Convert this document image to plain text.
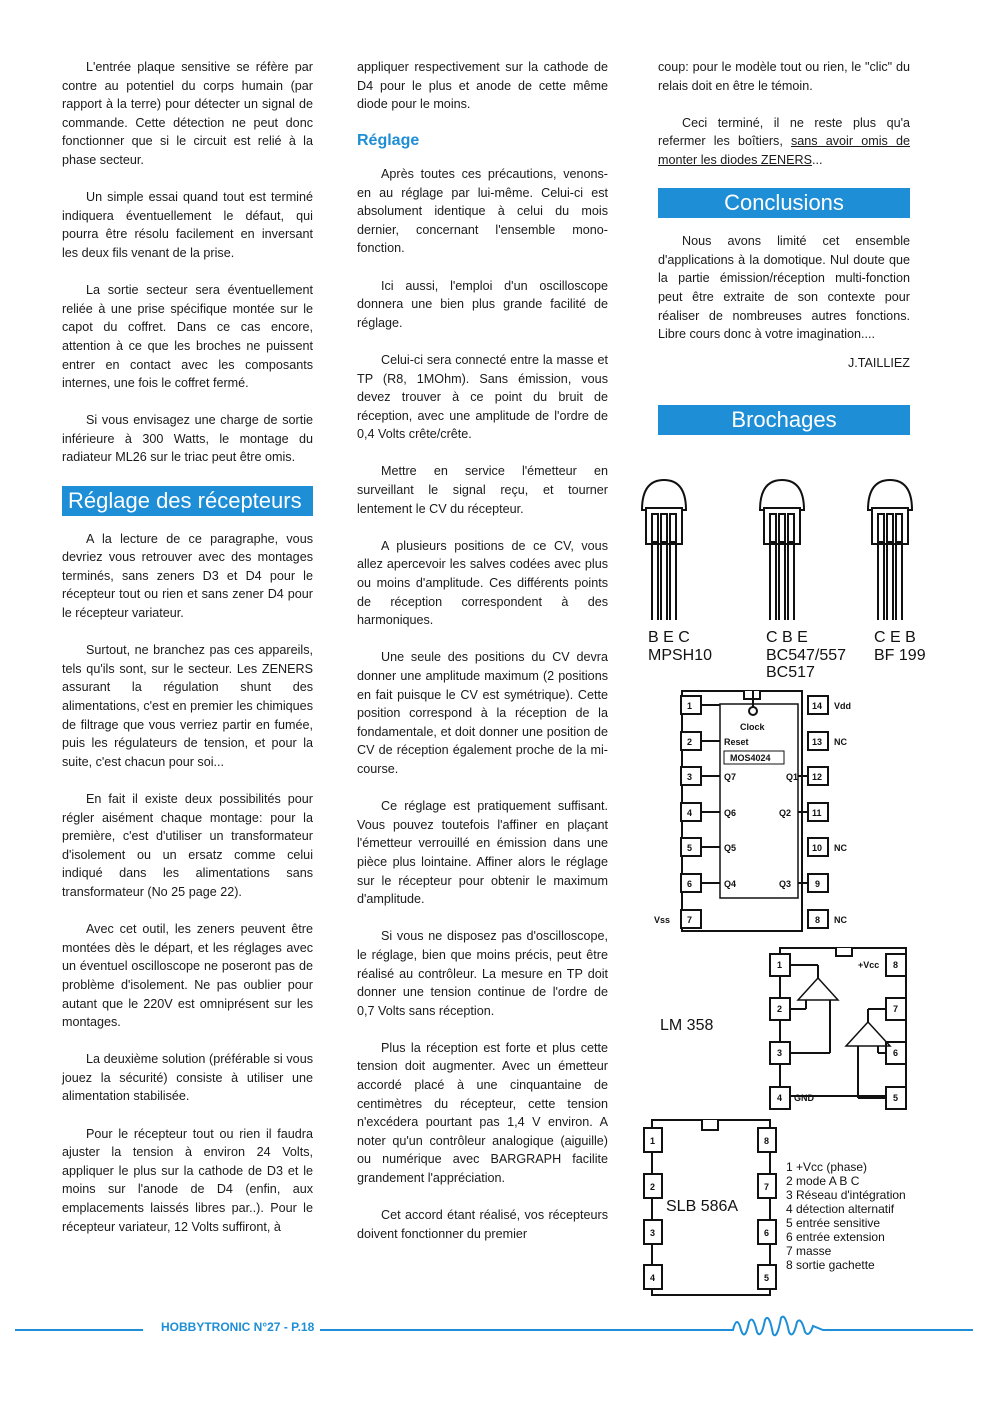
L'entrée plaque sensitive se réfère par contre au potentiel du corps humain (par rapport à la terre) pour détecter un signal de commande. Cette détection ne peut donc fonctionner que si le circuit est relié à la phase secteur.

Un simple essai quand tout est terminé indiquera éventuellement le défaut, qui pourra être résolu facilement en inversant les deux fils venant de la prise.

La sortie secteur sera éventuellement reliée à une prise spécifique montée sur le capot du coffret. Dans ce cas encore, attention à ce que les broches ne puissent entrer en contact avec les composants internes, une fois le coffret fermé.

Si vous envisagez une charge de sortie inférieure à 300 Watts, le montage du radiateur ML26 sur le triac peut être omis.

Réglage des récepteurs

A la lecture de ce paragraphe, vous devriez vous retrouver avec des montages terminés, sans zeners D3 et D4 pour le récepteur tout ou rien et sans zener D4 pour le récepteur variateur.

Surtout, ne branchez pas ces appareils, tels qu'ils sont, sur le secteur. Les ZENERS assurant la régulation shunt des alimentations, c'est en premier les chimiques de filtrage que vous verriez partir en fumée, puis les régulateurs de tension, et pour la suite, c'est chacun pour soi...

En fait il existe deux possibilités pour régler aisément chaque montage: pour la première, c'est d'utiliser un transformateur d'isolement ou un ersatz comme celui indiqué dans les alimentations sans transformateur (No 25 page 22).

Avec cet outil, les zeners peuvent être montées dès le départ, et les réglages avec un éventuel oscilloscope ne poseront pas de problème d'isolement. Ne pas oublier pour autant que le 220V est omniprésent sur les montages.

La deuxième solution (préférable si vous jouez la sécurité) consiste à utiliser une alimentation stabilisée.

Pour le récepteur tout ou rien il faudra ajuster la tension à environ 24 Volts, appliquer le plus sur la cathode de D3 et le moins sur l'anode de D4 (enfin, aux emplacements laissés libres par..). Pour le récepteur variateur, 12 Volts suffiront, à

appliquer respectivement sur la cathode de D4 pour le plus et anode de cette même diode pour le moins.

Réglage

Après toutes ces précautions, venons-en au réglage par lui-même. Celui-ci est absolument identique à celui du mois dernier, concernant l'ensemble mono-fonction.

Ici aussi, l'emploi d'un oscilloscope donnera une bien plus grande facilité de réglage.

Celui-ci sera connecté entre la masse et TP (R8, 1MOhm). Sans émission, vous devez trouver à ce point du bruit de réception, avec une amplitude de l'ordre de 0,4 Volts crête/crête.

Mettre en service l'émetteur en surveillant le signal reçu, et tourner lentement le CV du récepteur.

A plusieurs positions de ce CV, vous allez apercevoir les salves codées avec plus ou moins d'amplitude. Ces différents points de réception correspondent à des harmoniques.

Une seule des positions du CV devra donner une amplitude maximum (2 positions en fait puisque le CV est symétrique). Cette position correspond à la réception de la fondamentale, et doit donner une position de CV de réception également proche de la mi-course.

Ce réglage est pratiquement suffisant. Vous pouvez toutefois l'affiner en plaçant l'émetteur verrouillé en émission dans une pièce plus lointaine. Affiner alors le réglage sur le récepteur pour obtenir le maximum d'amplitude.

Si vous ne disposez pas d'oscilloscope, le réglage, bien que moins précis, peut être réalisé au contrôleur. La mesure en TP doit donner une tension continue de l'ordre de 0,7 Volts sans réception.

Plus la réception est forte et plus cette tension doit augmenter. Avec un émetteur accordé placé à une cinquantaine de centimètres du récepteur, cette tension n'excédera pourtant pas 1,4 V environ. A noter qu'un contrôleur analogique (aiguille) ou numérique avec BARGRAPH facilite grandement l'appréciation.

Cet accord étant réalisé, vos récepteurs doivent fonctionner du premier

coup: pour le modèle tout ou rien, le "clic" du relais doit en être le témoin.

Ceci terminé, il ne reste plus qu'a refermer les boîtiers, sans avoir omis de monter les diodes ZENERS...

Conclusions

Nous avons limité cet ensemble d'applications à la domotique. Nul doute que la partie émission/réception multi-fonction peut être extraite de son contexte pour réaliser de nombreuses autres fonctions. Libre cours donc à votre imagination....

J.TAILLIEZ
Brochages
B E C
MPSH10
C B E
BC547/557
BC517
C E B
BF 199
1
2
3
4
5
6
7	8
9
10
11
12
13
14
Clock
Reset
MOS4024
Q7
Q6
Q5
Q4
Q1
Q2
Q3
Vdd
NC
NC
NC
Vss
1
2
3
4	5
6
7
8
+Vcc
GND
LM 358
1
2
3
4	5
6
7
8
SLB 586A
1 +Vcc (phase)
2 mode A B C
3 Réseau d'intégration
4 détection alternatif
5 entrée sensitive
6 entrée extension
7 masse
8 sortie gachette
HOBBYTRONIC N°27 - P.18
